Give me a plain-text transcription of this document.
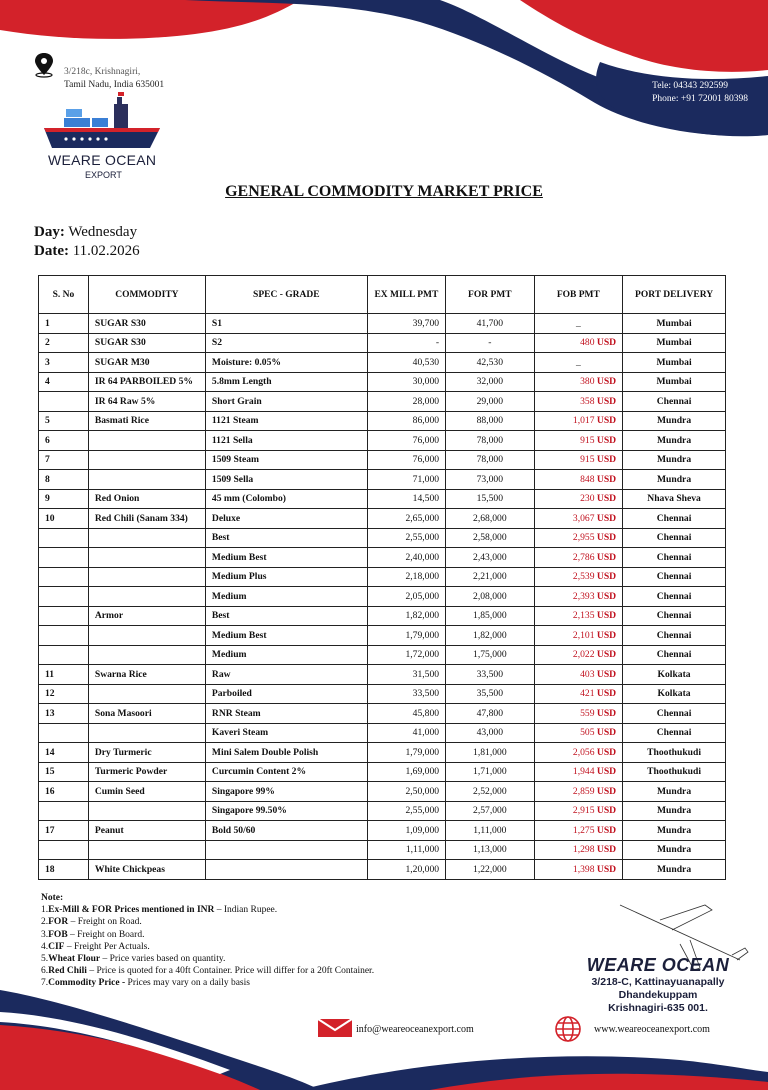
3/218c, Krishnagiri,
Tamil Nadu, India 635001	Tele: 04343 292599
Phone: +91 72001 80398
WEARE OCEAN
EXPORT
GENERAL COMMODITY MARKET PRICE
Day: Wednesday
Date: 11.02.2026
S. No	COMMODITY	SPEC - GRADE	EX MILL PMT	FOR PMT	FOB PMT	PORT DELIVERY
1	SUGAR S30	S1	39,700	41,700	_	Mumbai
2	SUGAR S30	S2	-	-	480 USD	Mumbai
3	SUGAR M30	Moisture: 0.05%	40,530	42,530	_	Mumbai
4	IR 64 PARBOILED 5%	5.8mm Length	30,000	32,000	380 USD	Mumbai
	IR 64 Raw 5%	Short Grain	28,000	29,000	358 USD	Chennai
5	Basmati Rice	1121 Steam	86,000	88,000	1,017 USD	Mundra
6		1121 Sella	76,000	78,000	915 USD	Mundra
7		1509 Steam	76,000	78,000	915 USD	Mundra
8		1509 Sella	71,000	73,000	848 USD	Mundra
9	Red Onion	45 mm (Colombo)	14,500	15,500	230 USD	Nhava Sheva
10	Red Chili (Sanam 334)	Deluxe	2,65,000	2,68,000	3,067 USD	Chennai
		Best	2,55,000	2,58,000	2,955 USD	Chennai
		Medium Best	2,40,000	2,43,000	2,786 USD	Chennai
		Medium Plus	2,18,000	2,21,000	2,539 USD	Chennai
		Medium	2,05,000	2,08,000	2,393 USD	Chennai
	Armor	Best	1,82,000	1,85,000	2,135 USD	Chennai
		Medium Best	1,79,000	1,82,000	2,101 USD	Chennai
		Medium	1,72,000	1,75,000	2,022 USD	Chennai
11	Swarna Rice	Raw	31,500	33,500	403 USD	Kolkata
12		Parboiled	33,500	35,500	421 USD	Kolkata
13	Sona Masoori	RNR Steam	45,800	47,800	559 USD	Chennai
		Kaveri Steam	41,000	43,000	505 USD	Chennai
14	Dry Turmeric	Mini Salem Double Polish	1,79,000	1,81,000	2,056 USD	Thoothukudi
15	Turmeric Powder	Curcumin Content 2%	1,69,000	1,71,000	1,944 USD	Thoothukudi
16	Cumin Seed	Singapore 99%	2,50,000	2,52,000	2,859 USD	Mundra
		Singapore 99.50%	2,55,000	2,57,000	2,915 USD	Mundra
17	Peanut	Bold 50/60	1,09,000	1,11,000	1,275 USD	Mundra
			1,11,000	1,13,000	1,298 USD	Mundra
18	White Chickpeas		1,20,000	1,22,000	1,398 USD	Mundra
Note:
1.Ex-Mill & FOR Prices mentioned in INR – Indian Rupee.
2.FOR – Freight on Road.
3.FOB – Freight on Board.
4.CIF – Freight Per Actuals.
5.Wheat Flour – Price varies based on quantity.
6.Red Chili – Price is quoted for a 40ft Container. Price will differ for a 20ft Container.
7.Commodity Price - Prices may vary on a daily basis
WEARE OCEAN
3/218-C, Kattinayuanapally
Dhandekuppam
Krishnagiri-635 001.
info@weareoceanexport.com	www.weareoceanexport.com
